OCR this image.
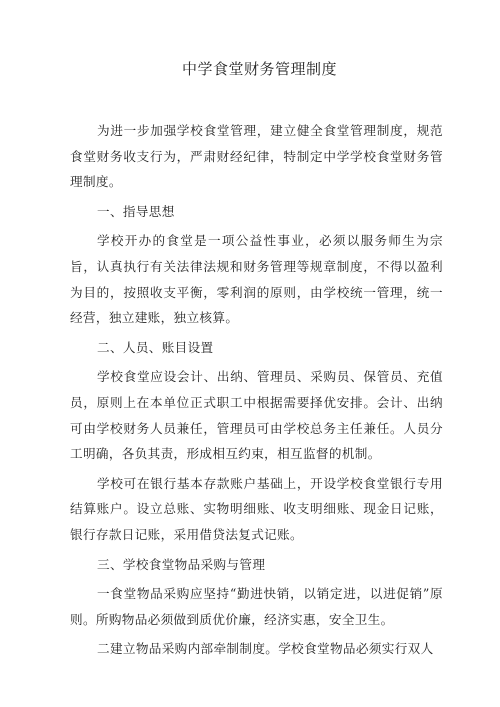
中学食堂财务管理制度

为进一步加强学校食堂管理，建立健全食堂管理制度，规范食堂财务收支行为，严肃财经纪律，特制定中学学校食堂财务管理制度。

一、指导思想

学校开办的食堂是一项公益性事业，必须以服务师生为宗旨，认真执行有关法律法规和财务管理等规章制度，不得以盈利为目的，按照收支平衡，零利润的原则，由学校统一管理，统一经营，独立建账，独立核算。

二、人员、账目设置

学校食堂应设会计、出纳、管理员、采购员、保管员、充值员，原则上在本单位正式职工中根据需要择优安排。会计、出纳可由学校财务人员兼任，管理员可由学校总务主任兼任。人员分工明确，各负其责，形成相互约束，相互监督的机制。

学校可在银行基本存款账户基础上，开设学校食堂银行专用结算账户。设立总账、实物明细账、收支明细账、现金日记账，银行存款日记账，采用借贷法复式记账。

三、学校食堂物品采购与管理

一食堂物品采购应坚持“勤进快销，以销定进，以进促销”原则。所购物品必须做到质优价廉，经济实惠，安全卫生。

二建立物品采购内部牵制制度。学校食堂物品必须实行双人
